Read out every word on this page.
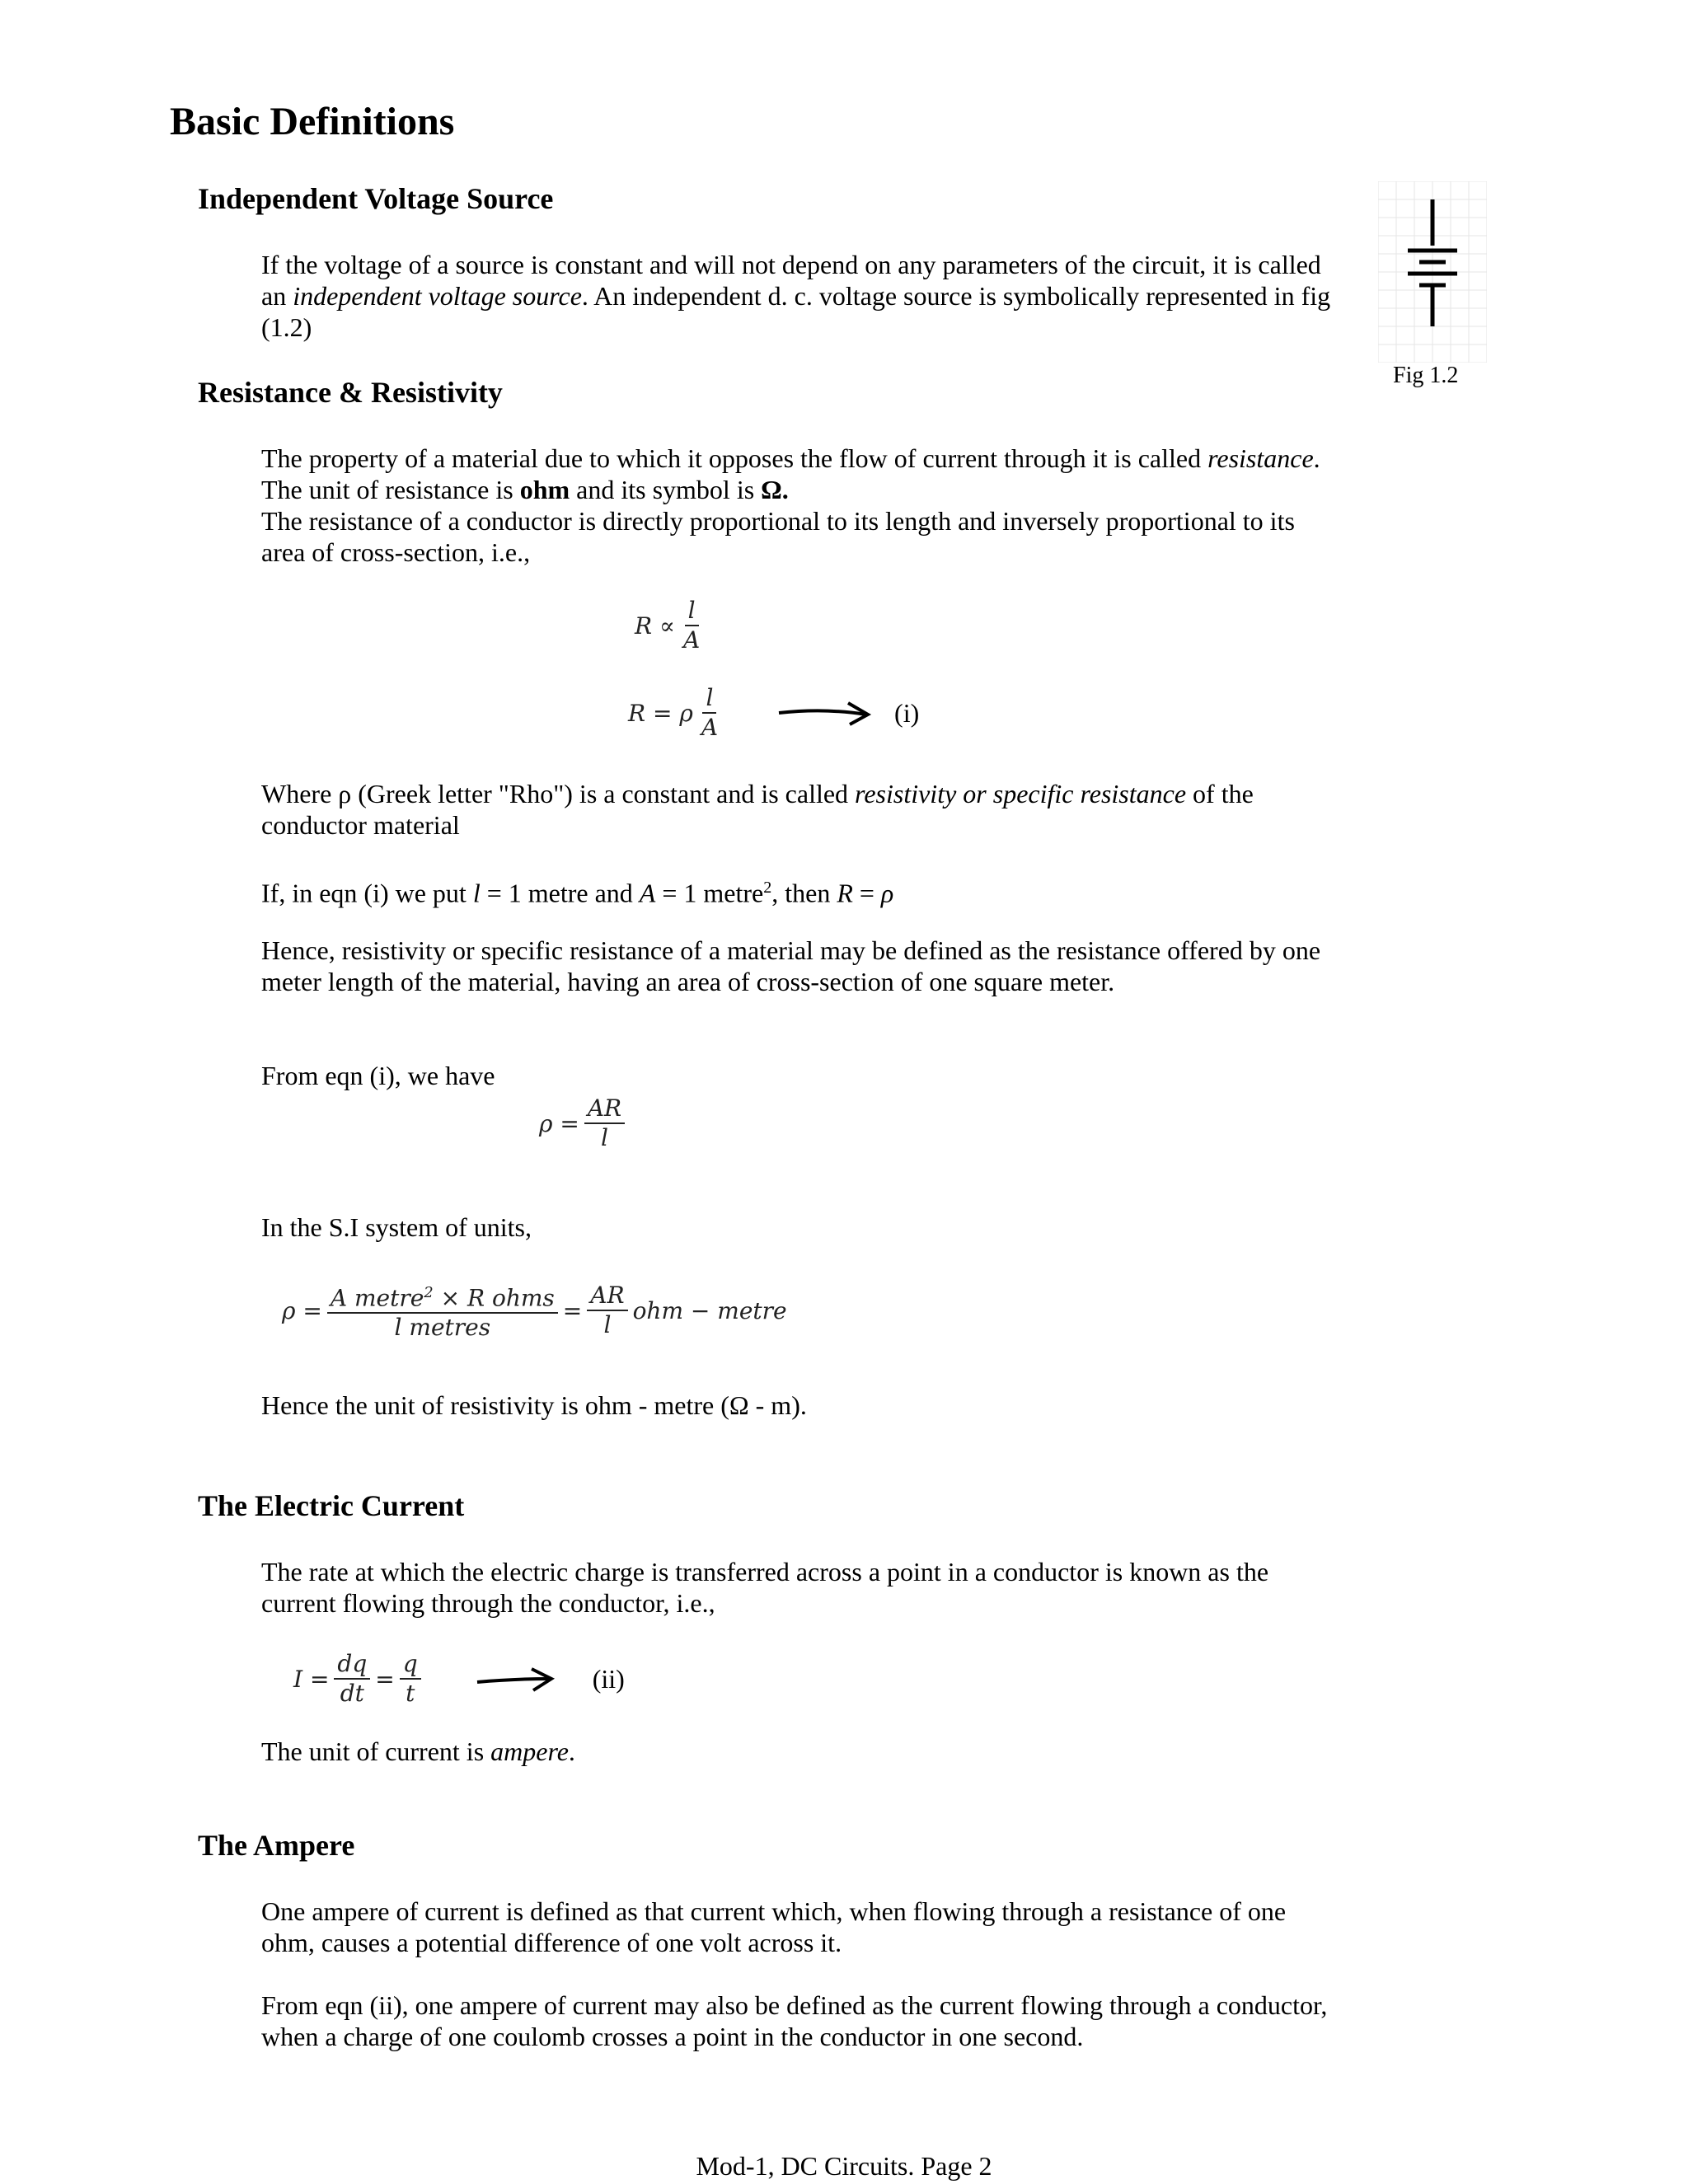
Basic Definitions
Fig 1.2
Independent Voltage Source

If the voltage of a source is constant and will not depend on any parameters of the circuit, it is called an independent voltage source. An independent d. c. voltage source is symbolically represented in fig (1.2)

Resistance & Resistivity

The property of a material due to which it opposes the flow of current through it is called resistance. The unit of resistance is ohm and its symbol is Ω.

The resistance of a conductor is directly proportional to its length and inversely proportional to its area of cross-section, i.e.,

$R \propto \frac{l}{A}$
R = ρ $\frac{l}{A}$	(i)

Where ρ (Greek letter "Rho") is a constant and is called resistivity or specific resistance of the conductor material

If, in eqn (i) we put l = 1 metre and A = 1 metre$^2$, then R = ρ

Hence, resistivity or specific resistance of a material may be defined as the resistance offered by one meter length of the material, having an area of cross-section of one square meter.

From eqn (i), we have

$\rho = \frac{AR}{l}$

In the S.I system of units,

$\rho = \frac{A metre^2 \times R ohms}{\text{l metres}} = \frac{AR}{l}$ ohm − metre

Hence the unit of resistivity is ohm - metre (Ω - m).

The Electric Current

The rate at which the electric charge is transferred across a point in a conductor is known as the current flowing through the conductor, i.e.,

$I = \frac{dq}{dt} = \frac{q}{t}$	(ii)

The unit of current is ampere.

The Ampere

One ampere of current is defined as that current which, when flowing through a resistance of one ohm, causes a potential difference of one volt across it.

From eqn (ii), one ampere of current may also be defined as the current flowing through a conductor, when a charge of one coulomb crosses a point in the conductor in one second.

Mod-1, DC Circuits. Page 2
